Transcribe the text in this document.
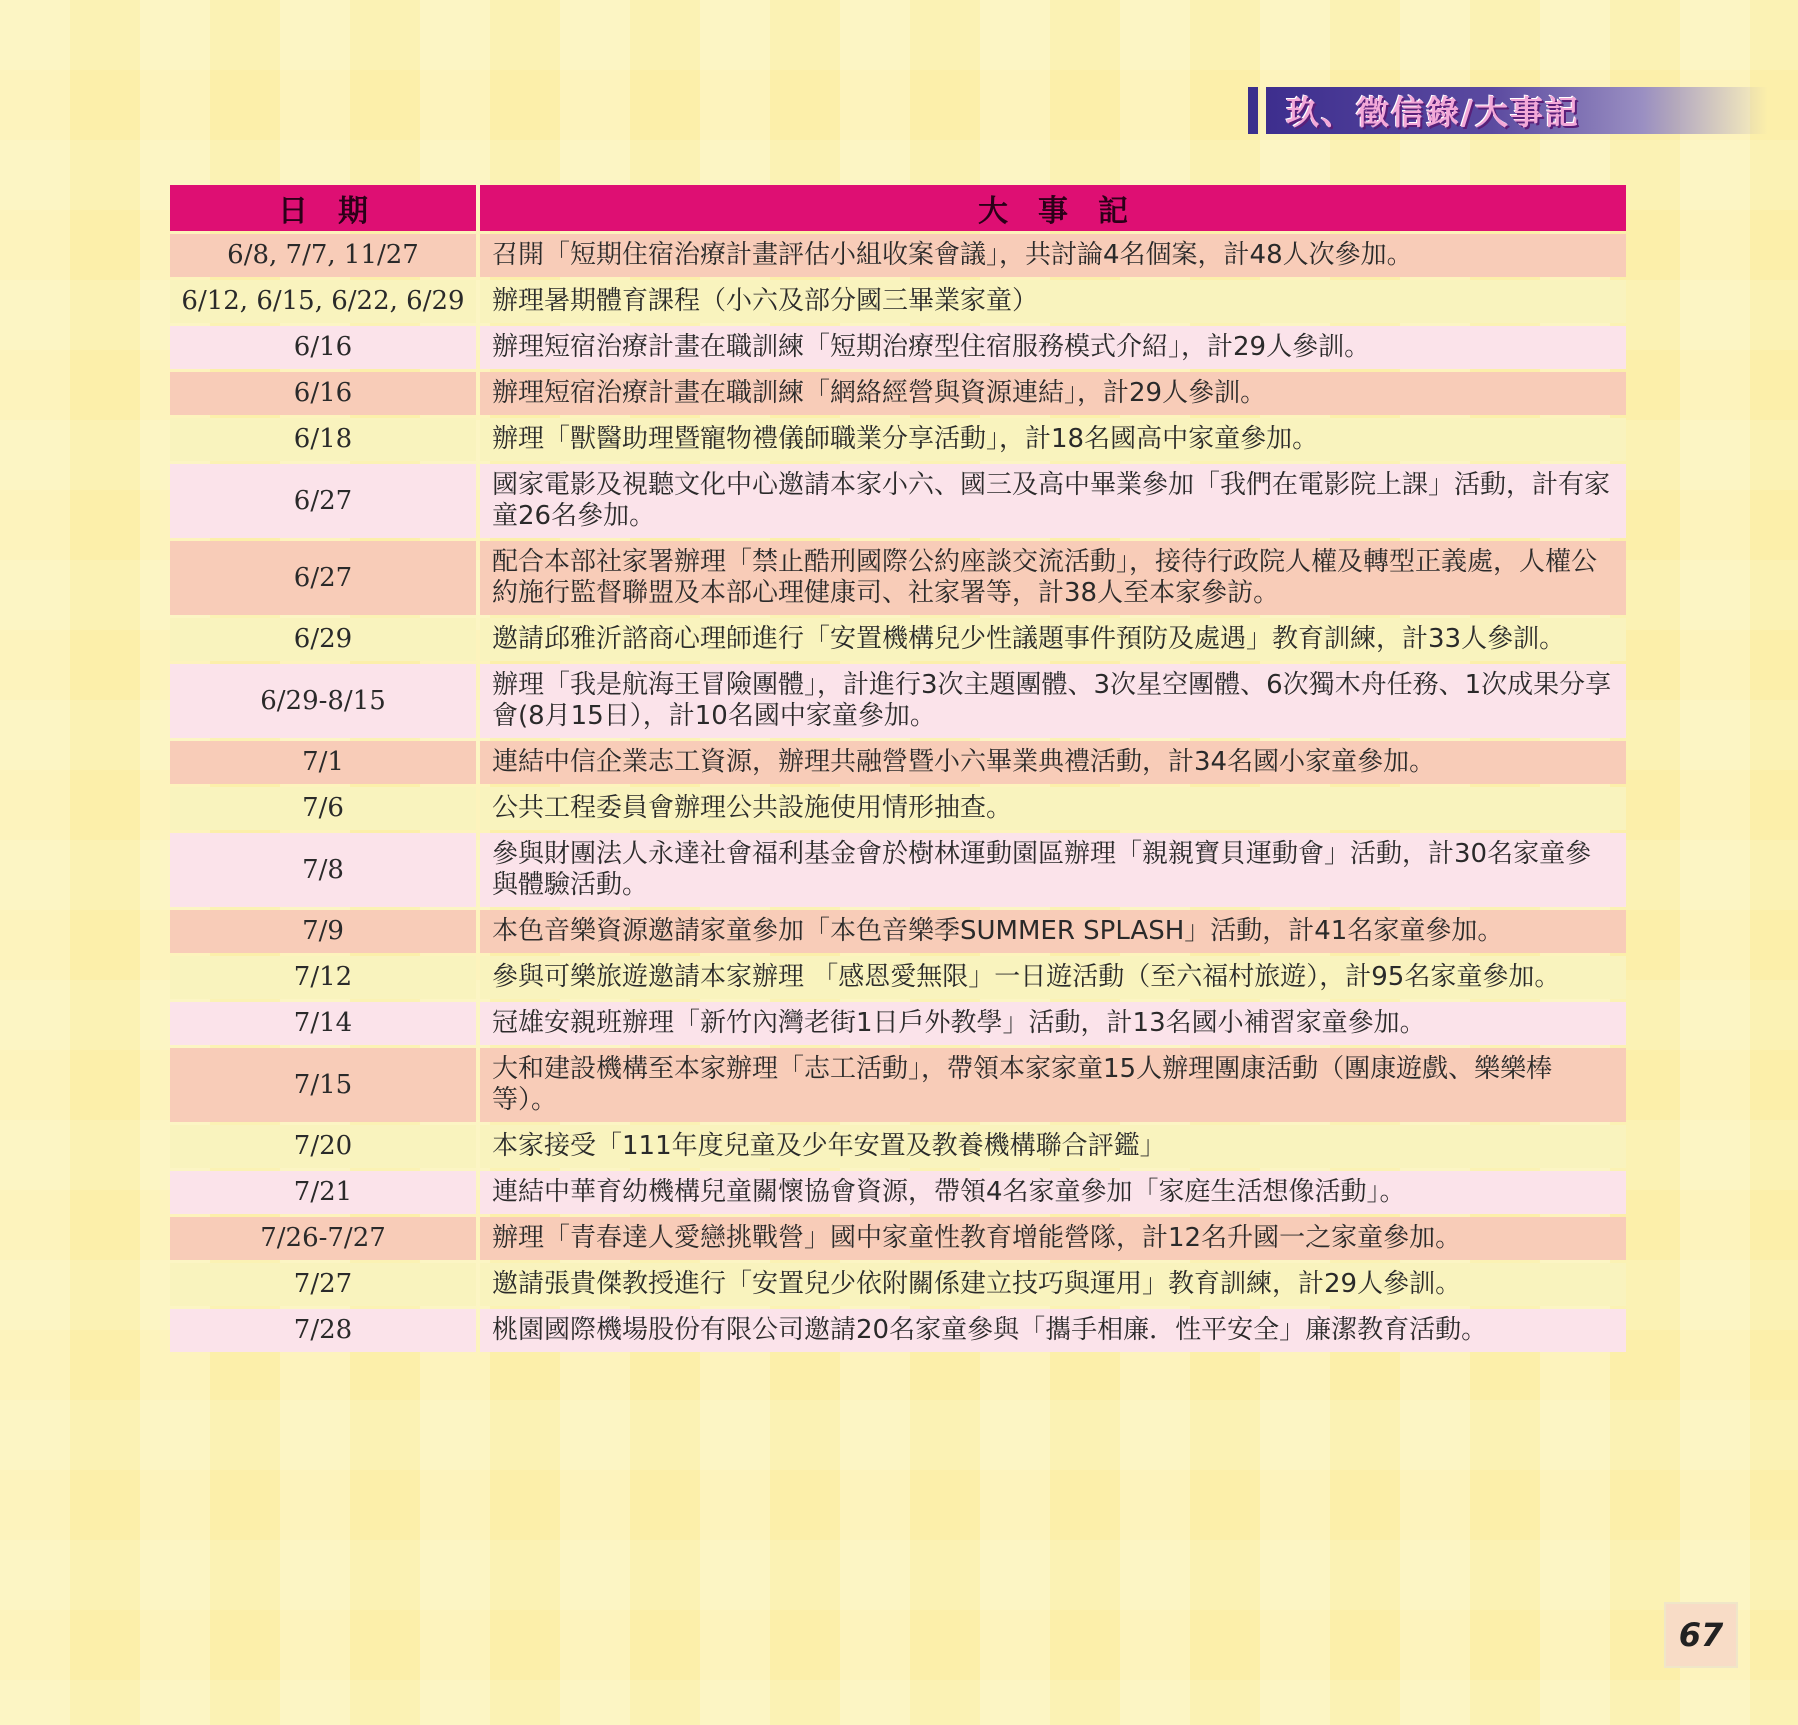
玖、徵信錄/大事記
日　期	大　事　記
6/8, 7/7, 11/27	召開「短期住宿治療計畫評估小組收案會議」，共討論4名個案，計48人次參加。
6/12, 6/15, 6/22, 6/29	辦理暑期體育課程（小六及部分國三畢業家童）
6/16	辦理短宿治療計畫在職訓練「短期治療型住宿服務模式介紹」，計29人參訓。
6/16	辦理短宿治療計畫在職訓練「網絡經營與資源連結」，計29人參訓。
6/18	辦理「獸醫助理暨寵物禮儀師職業分享活動」，計18名國高中家童參加。
6/27	國家電影及視聽文化中心邀請本家小六、國三及高中畢業參加「我們在電影院上課」活動，計有家童26名參加。
6/27	配合本部社家署辦理「禁止酷刑國際公約座談交流活動」，接待行政院人權及轉型正義處，人權公約施行監督聯盟及本部心理健康司、社家署等，計38人至本家參訪。
6/29	邀請邱雅沂諮商心理師進行「安置機構兒少性議題事件預防及處遇」教育訓練，計33人參訓。
6/29-8/15	辦理「我是航海王冒險團體」，計進行3次主題團體、3次星空團體、6次獨木舟任務、1次成果分享會(8月15日），計10名國中家童參加。
7/1	連結中信企業志工資源，辦理共融營暨小六畢業典禮活動，計34名國小家童參加。
7/6	公共工程委員會辦理公共設施使用情形抽查。
7/8	參與財團法人永達社會福利基金會於樹林運動園區辦理「親親寶貝運動會」活動，計30名家童參與體驗活動。
7/9	本色音樂資源邀請家童參加「本色音樂季SUMMER SPLASH」活動，計41名家童參加。
7/12	參與可樂旅遊邀請本家辦理 「感恩愛無限」一日遊活動（至六福村旅遊），計95名家童參加。
7/14	冠雄安親班辦理「新竹內灣老街1日戶外教學」活動，計13名國小補習家童參加。
7/15	大和建設機構至本家辦理「志工活動」，帶領本家家童15人辦理團康活動（團康遊戲、樂樂棒等）。
7/20	本家接受「111年度兒童及少年安置及教養機構聯合評鑑」
7/21	連結中華育幼機構兒童關懷協會資源，帶領4名家童參加「家庭生活想像活動」。
7/26-7/27	辦理「青春達人愛戀挑戰營」國中家童性教育增能營隊，計12名升國一之家童參加。
7/27	邀請張貴傑教授進行「安置兒少依附關係建立技巧與運用」教育訓練，計29人參訓。
7/28	桃園國際機場股份有限公司邀請20名家童參與「攜手相廉．性平安全」廉潔教育活動。
67
